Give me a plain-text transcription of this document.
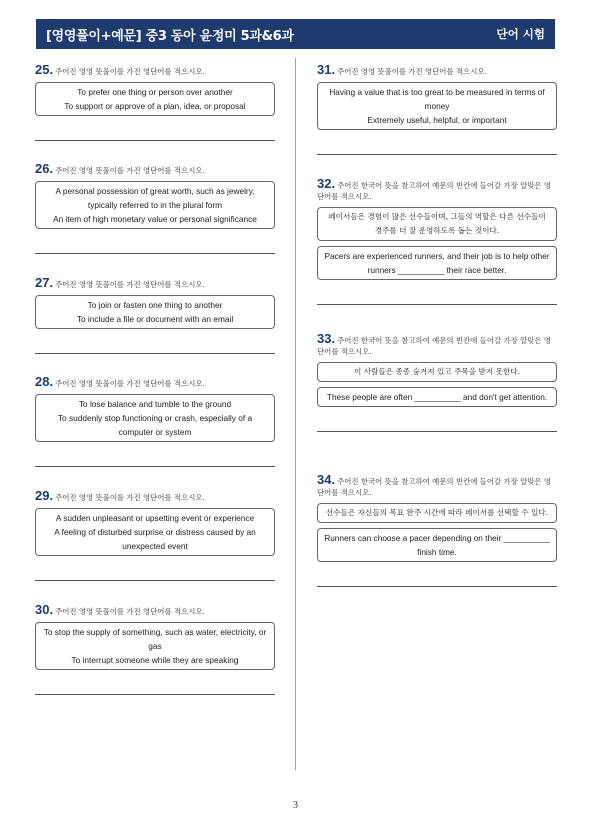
[영영풀이+예문] 중3 동아 윤정미 5과&6과	단어 시험
25. 주어진 영영 뜻풀이를 가진 영단어를 적으시오.
To prefer one thing or person over another
To support or approve of a plan, idea, or proposal
26. 주어진 영영 뜻풀이를 가진 영단어를 적으시오.
A personal possession of great worth, such as jewelry, typically referred to in the plural form
An item of high monetary value or personal significance
27. 주어진 영영 뜻풀이를 가진 영단어를 적으시오.
To join or fasten one thing to another
To include a file or document with an email
28. 주어진 영영 뜻풀이를 가진 영단어를 적으시오.
To lose balance and tumble to the ground
To suddenly stop functioning or crash, especially of a computer or system
29. 주어진 영영 뜻풀이를 가진 영단어를 적으시오.
A sudden unpleasant or upsetting event or experience
A feeling of disturbed surprise or distress caused by an unexpected event
30. 주어진 영영 뜻풀이를 가진 영단어를 적으시오.
To stop the supply of something, such as water, electricity, or gas
To interrupt someone while they are speaking
31. 주어진 영영 뜻풀이를 가진 영단어를 적으시오.
Having a value that is too great to be measured in terms of money
Extremely useful, helpful, or important
32. 주어진 한국어 뜻을 참고하여 예문의 빈칸에 들어갈 가장 알맞은 영단어를 적으시오.
페이서들은 경험이 많은 선수들이며, 그들의 역할은 다른 선수들이 경주를 더 잘 운영하도록 돕는 것이다.
Pacers are experienced runners, and their job is to help other runners __________ their race better.
33. 주어진 한국어 뜻을 참고하여 예문의 빈칸에 들어갈 가장 알맞은 영단어를 적으시오.
이 사람들은 종종 숨겨져 있고 주목을 받지 못한다.
These people are often __________ and don't get attention.
34. 주어진 한국어 뜻을 참고하여 예문의 빈칸에 들어갈 가장 알맞은 영단어를 적으시오.
선수들은 자신들의 목표 완주 시간에 따라 페이서를 선택할 수 있다.
Runners can choose a pacer depending on their __________ finish time.
3
